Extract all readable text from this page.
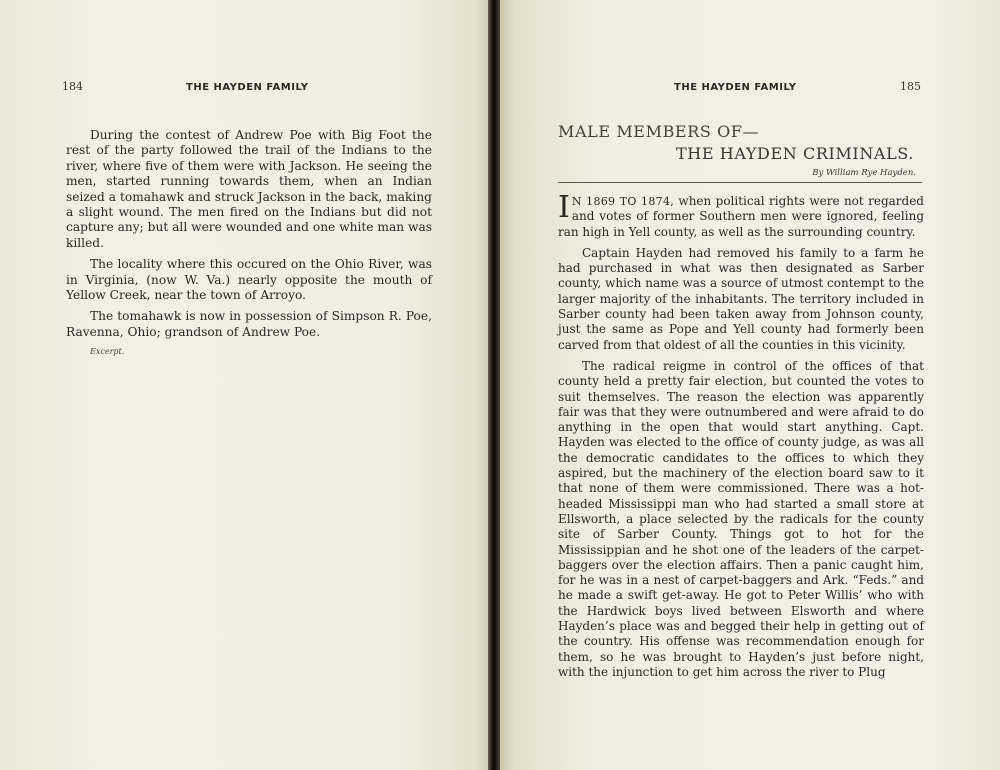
184	THE HAYDEN FAMILY

During the contest of Andrew Poe with Big Foot the rest of the party followed the trail of the Indians to the river, where five of them were with Jackson. He seeing the men, started running towards them, when an Indian seized a tomahawk and struck Jackson in the back, making a slight wound. The men fired on the Indians but did not capture any; but all were wounded and one white man was killed.

The locality where this occured on the Ohio River, was in Virginia, (now W. Va.) nearly opposite the mouth of Yellow Creek, near the town of Arroyo.

The tomahawk is now in possession of Simpson R. Poe, Ravenna, Ohio; grandson of Andrew Poe.

Excerpt.
THE HAYDEN FAMILY	185
MALE MEMBERS OF—
THE HAYDEN CRIMINALS.
By William Rye Hayden.

I N 1869 TO 1874, when political rights were not regarded and votes of former Southern men were ignored, feeling ran high in Yell county, as well as the surrounding country.

Captain Hayden had removed his family to a farm he had purchased in what was then designated as Sarber county, which name was a source of utmost contempt to the larger majority of the inhabitants. The territory included in Sarber county had been taken away from Johnson county, just the same as Pope and Yell county had formerly been carved from that oldest of all the counties in this vicinity.

The radical reigme in control of the offices of that county held a pretty fair election, but counted the votes to suit themselves. The reason the election was apparently fair was that they were outnumbered and were afraid to do anything in the open that would start anything. Capt. Hayden was elected to the office of county judge, as was all the democratic candidates to the offices to which they aspired, but the machinery of the election board saw to it that none of them were commissioned. There was a hot-headed Mississippi man who had started a small store at Ellsworth, a place selected by the radicals for the county site of Sarber County. Things got to hot for the Mississippian and he shot one of the leaders of the carpet-baggers over the election affairs. Then a panic caught him, for he was in a nest of carpet-baggers and Ark. “Feds.” and he made a swift get-away. He got to Peter Willis’ who with the Hardwick boys lived between Elsworth and where Hayden’s place was and begged their help in getting out of the country. His offense was recommendation enough for them, so he was brought to Hayden’s just before night, with the injunction to get him across the river to Plug
